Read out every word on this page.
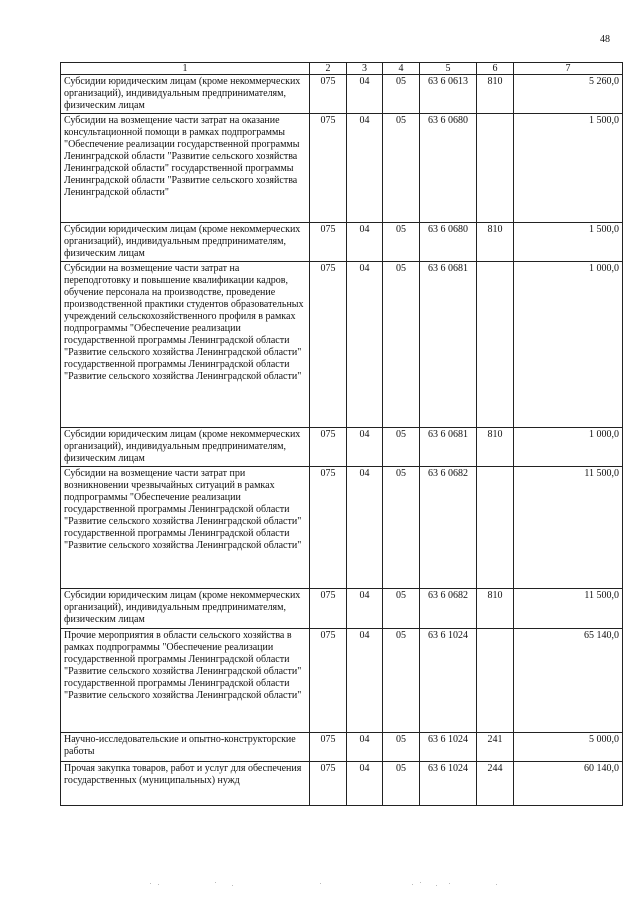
48
1	2	3	4	5	6	7
Субсидии юридическим лицам (кроме некоммерческих организаций), индивидуальным предпринимателям, физическим лицам	075	04	05	63 6 0613	810	5 260,0
Субсидии на возмещение части затрат на оказание консультационной помощи в рамках подпрограммы "Обеспечение реализации государственной программы Ленинградской области "Развитие сельского хозяйства Ленинградской области" государственной программы Ленинградской области "Развитие сельского хозяйства Ленинградской области"	075	04	05	63 6 0680		1 500,0
Субсидии юридическим лицам (кроме некоммерческих организаций), индивидуальным предпринимателям, физическим лицам	075	04	05	63 6 0680	810	1 500,0
Субсидии на возмещение части затрат на переподготовку и повышение квалификации кадров, обучение персонала на производстве, проведение производственной практики студентов образовательных учреждений сельскохозяйственного профиля в рамках подпрограммы "Обеспечение реализации государственной программы Ленинградской области "Развитие сельского хозяйства Ленинградской области" государственной программы Ленинградской области "Развитие сельского хозяйства Ленинградской области"	075	04	05	63 6 0681		1 000,0
Субсидии юридическим лицам (кроме некоммерческих организаций), индивидуальным предпринимателям, физическим лицам	075	04	05	63 6 0681	810	1 000,0
Субсидии на возмещение части затрат при возникновении чрезвычайных ситуаций в рамках подпрограммы "Обеспечение реализации государственной программы Ленинградской области "Развитие сельского хозяйства Ленинградской области" государственной программы Ленинградской области "Развитие сельского хозяйства Ленинградской области"	075	04	05	63 6 0682		11 500,0
Субсидии юридическим лицам (кроме некоммерческих организаций), индивидуальным предпринимателям, физическим лицам	075	04	05	63 6 0682	810	11 500,0
Прочие мероприятия в области сельского хозяйства в рамках подпрограммы "Обеспечение реализации государственной программы Ленинградской области "Развитие сельского хозяйства Ленинградской области" государственной программы Ленинградской области "Развитие сельского хозяйства Ленинградской области"	075	04	05	63 6 1024		65 140,0
Научно-исследовательские и опытно-конструкторские работы	075	04	05	63 6 1024	241	5 000,0
Прочая закупка товаров, работ и услуг для обеспечения государственных (муниципальных) нужд	075	04	05	63 6 1024	244	60 140,0
